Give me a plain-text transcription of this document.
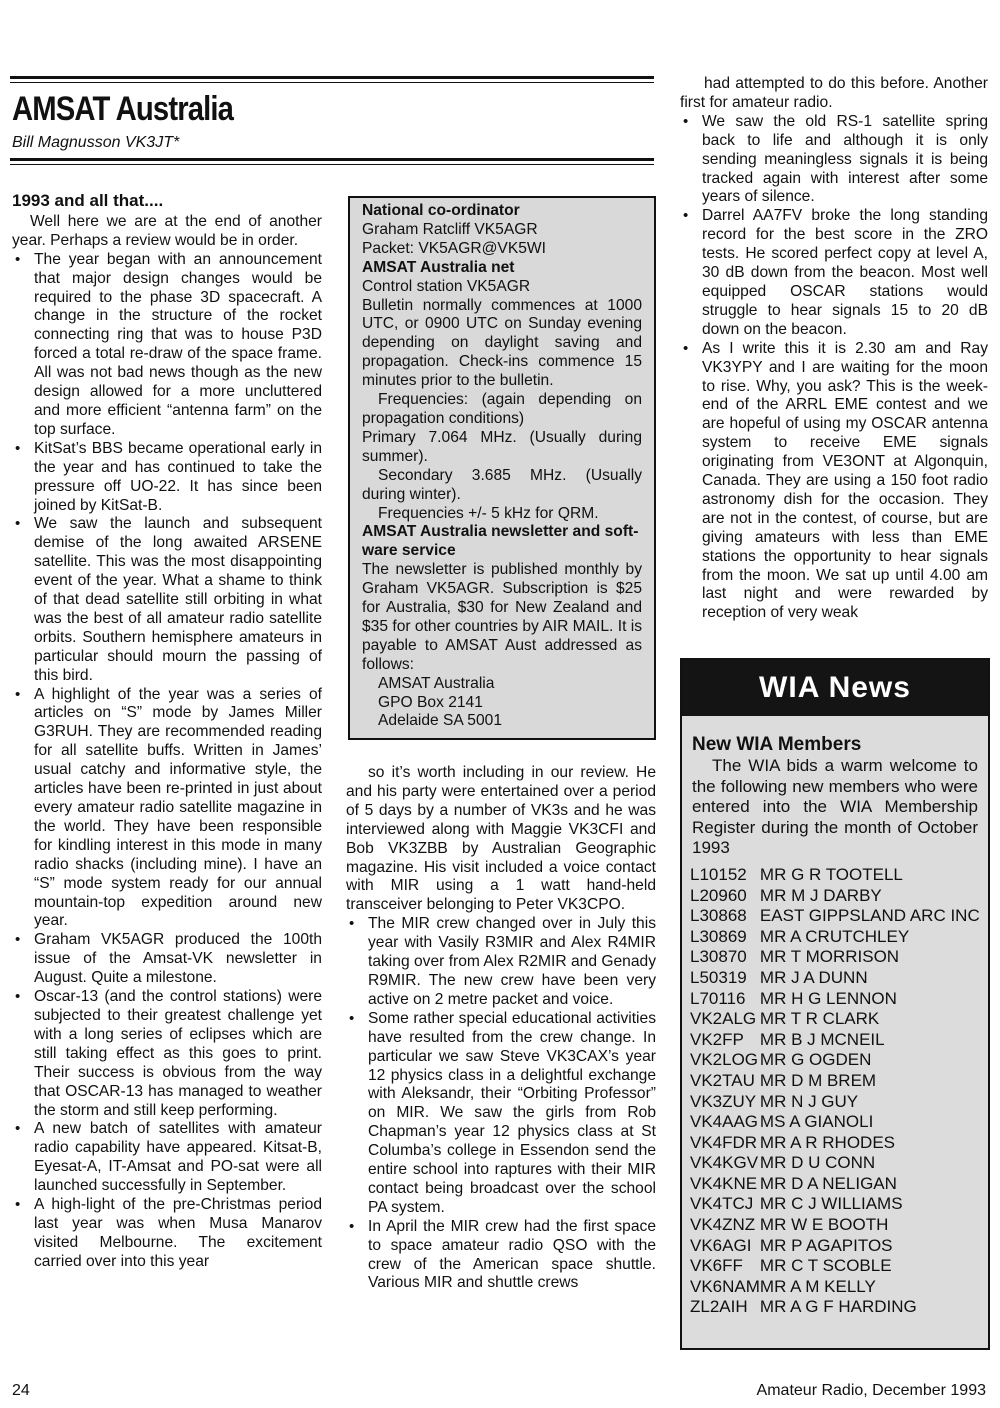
AMSAT Australia
Bill Magnusson VK3JT*
1993 and all that....

Well here we are at the end of another year. Perhaps a review would be in order.

• The year began with an announcement that major design changes would be required to the phase 3D spacecraft. A change in the structure of the rocket connecting ring that was to house P3D forced a total re-draw of the space frame. All was not bad news though as the new design allowed for a more uncluttered and more efficient “antenna farm” on the top surface.
• KitSat’s BBS became operational early in the year and has continued to take the pressure off UO-22. It has since been joined by KitSat-B.
• We saw the launch and subsequent demise of the long awaited ARSENE satellite. This was the most disappointing event of the year. What a shame to think of that dead satellite still orbiting in what was the best of all amateur radio satellite orbits. Southern hemisphere amateurs in particular should mourn the passing of this bird.
• A highlight of the year was a series of articles on “S” mode by James Miller G3RUH. They are recommended reading for all satellite buffs. Written in James’ usual catchy and informative style, the articles have been re-printed in just about every amateur radio satellite magazine in the world. They have been responsible for kindling interest in this mode in many radio shacks (including mine). I have an “S” mode system ready for our annual mountain-top expedition around new year.
• Graham VK5AGR produced the 100th issue of the Amsat-VK newsletter in August. Quite a milestone.
• Oscar-13 (and the control stations) were subjected to their greatest challenge yet with a long series of eclipses which are still taking effect as this goes to print. Their success is obvious from the way that OSCAR-13 has managed to weather the storm and still keep performing.
• A new batch of satellites with amateur radio capability have appeared. Kitsat-B, Eyesat-A, IT-Amsat and PO-sat were all launched successfully in September.
• A high-light of the pre-Christmas period last year was when Musa Manarov visited Melbourne. The excitement carried over into this year
National co-ordinator
Graham Ratcliff VK5AGR
Packet: VK5AGR@VK5WI
AMSAT Australia net
Control station VK5AGR
Bulletin normally commences at 1000 UTC, or 0900 UTC on Sunday evening depending on daylight saving and propagation. Check-ins commence 15 minutes prior to the bulletin.
Frequencies: (again depending on propagation conditions)
Primary 7.064 MHz. (Usually during summer).
Secondary 3.685 MHz. (Usually during winter).
Frequencies +/- 5 kHz for QRM.
AMSAT Australia newsletter and soft-ware service
The newsletter is published monthly by Graham VK5AGR. Subscription is $25 for Australia, $30 for New Zealand and $35 for other countries by AIR MAIL. It is payable to AMSAT Aust addressed as follows:
AMSAT Australia
GPO Box 2141
Adelaide SA 5001

so it’s worth including in our review. He and his party were entertained over a period of 5 days by a number of VK3s and he was interviewed along with Maggie VK3CFI and Bob VK3ZBB by Australian Geographic magazine. His visit included a voice contact with MIR using a 1 watt hand-held transceiver belonging to Peter VK3CPO.

• The MIR crew changed over in July this year with Vasily R3MIR and Alex R4MIR taking over from Alex R2MIR and Genady R9MIR. The new crew have been very active on 2 metre packet and voice.
• Some rather special educational activities have resulted from the crew change. In particular we saw Steve VK3CAX’s year 12 physics class in a delightful exchange with Aleksandr, their “Orbiting Professor” on MIR. We saw the girls from Rob Chapman’s year 12 physics class at St Columba’s college in Essendon send the entire school into raptures with their MIR contact being broadcast over the school PA system.
• In April the MIR crew had the first space to space amateur radio QSO with the crew of the American space shuttle. Various MIR and shuttle crews

had attempted to do this before. Another first for amateur radio.

• We saw the old RS-1 satellite spring back to life and although it is only sending meaningless signals it is being tracked again with interest after some years of silence.
• Darrel AA7FV broke the long standing record for the best score in the ZRO tests. He scored perfect copy at level A, 30 dB down from the beacon. Most well equipped OSCAR stations would struggle to hear signals 15 to 20 dB down on the beacon.
• As I write this it is 2.30 am and Ray VK3YPY and I are waiting for the moon to rise. Why, you ask? This is the week-end of the ARRL EME contest and we are hopeful of using my OSCAR antenna system to receive EME signals originating from VE3ONT at Algonquin, Canada. They are using a 150 foot radio astronomy dish for the occasion. They are not in the contest, of course, but are giving amateurs with less than EME stations the opportunity to hear signals from the moon. We sat up until 4.00 am last night and were rewarded by reception of very weak
WIA News
New WIA Members
The WIA bids a warm welcome to the following new members who were entered into the WIA Membership Register during the month of October 1993
L10152	MR G R TOOTELL
L20960	MR M J DARBY
L30868	EAST GIPPSLAND ARC INC
L30869	MR A CRUTCHLEY
L30870	MR T MORRISON
L50319	MR J A DUNN
L70116	MR H G LENNON
VK2ALG	MR T R CLARK
VK2FP	MR B J MCNEIL
VK2LOG	MR G OGDEN
VK2TAU	MR D M BREM
VK3ZUY	MR N J GUY
VK4AAG	MS A GIANOLI
VK4FDR	MR A R RHODES
VK4KGV	MR D U CONN
VK4KNE	MR D A NELIGAN
VK4TCJ	MR C J WILLIAMS
VK4ZNZ	MR W E BOOTH
VK6AGI	MR P AGAPITOS
VK6FF	MR C T SCOBLE
VK6NAM	MR A M KELLY
ZL2AIH	MR A G F HARDING
24	Amateur Radio, December 1993
